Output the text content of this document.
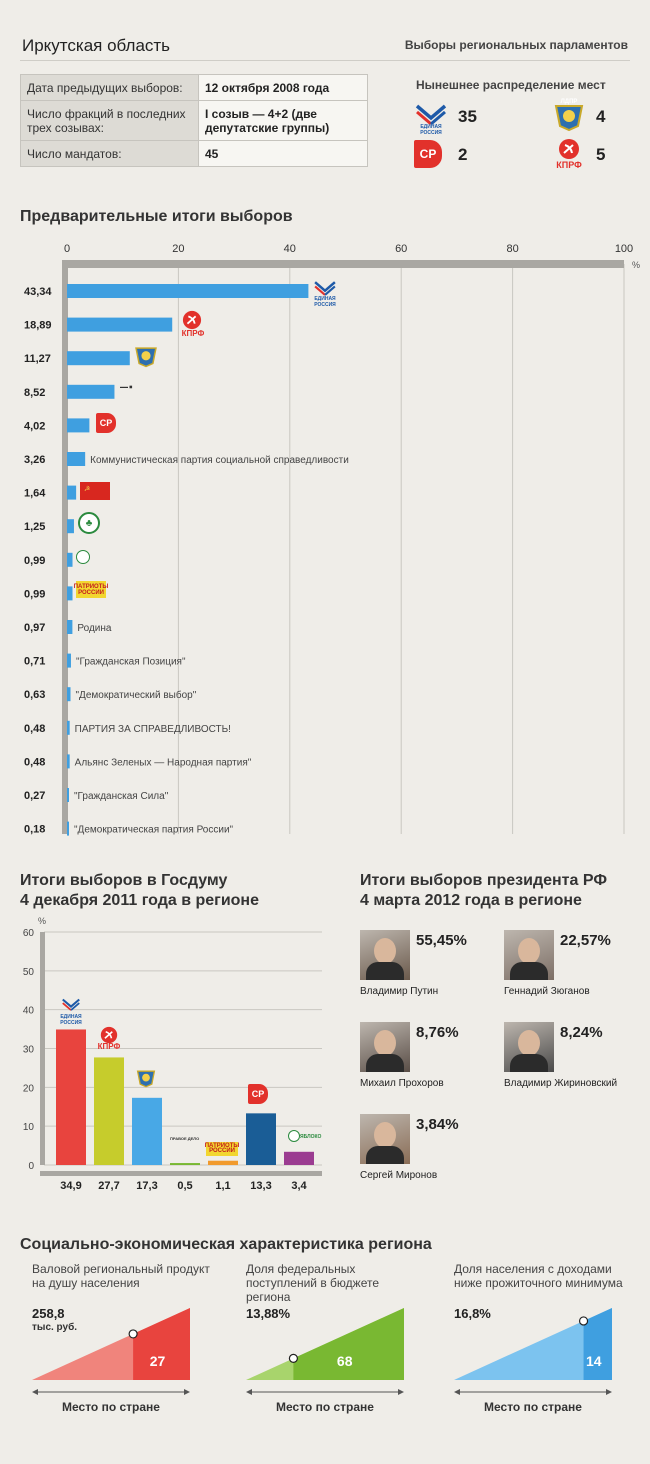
Иркутская область	Выборы региональных парламентов
Дата предыдущих выборов:	12 октября 2008 года
Число фракций в последних трех созывах:	I созыв — 4+2 (две депутатские группы)
Число мандатов:	45
Нынешнее распределение мест
ЕДИНАЯ РОССИЯ
35
ЛДПР
4
СР	2
КПРФ
5
Предварительные итоги выборов
0	20	40	60	80	100
%
43,34
18,89
11,27
8,52
4,02
3,26	Коммунистическая партия социальной справедливости
1,64
1,25
0,99
0,99
0,97	Родина
0,71	"Гражданская Позиция"
0,63	"Демократический выбор"
0,48	ПАРТИЯ ЗА СПРАВЕДЛИВОСТЬ!
0,48	Альянс Зеленых — Народная партия"
0,27	"Гражданская Сила"
0,18	"Демократическая партия России"
ЕДИНАЯ РОССИЯ
КПРФ
▬▬ ◼
СР
☭
♣
ПАТРИОТЫ РОССИИ
Итоги выборов в Госдуму
4 декабря 2011 года в регионе
%
0
10
20
30
40
50
60
34,9 27,7 17,3 0,5 1,1 13,3 3,4
ЕДИНАЯ РОССИЯ
КПРФ
ПРАВОЕ ДЕЛО
ПАТРИОТЫ РОССИИ
СР
ЯБЛОКО
Итоги выборов президента РФ
4 марта 2012 года в регионе
55,45%
Владимир Путин
22,57%
Геннадий Зюганов
8,76%
Михаил Прохоров
8,24%
Владимир Жириновский
3,84%
Сергей Миронов
Социально-экономическая характеристика региона
Валовой региональный продукт на душу населения
258,8
тыс. руб.
27
Место по стране
Доля федеральных поступлений в бюджете региона
13,88%
68
Место по стране
Доля населения с доходами ниже прожиточного минимума
16,8%
14
Место по стране
